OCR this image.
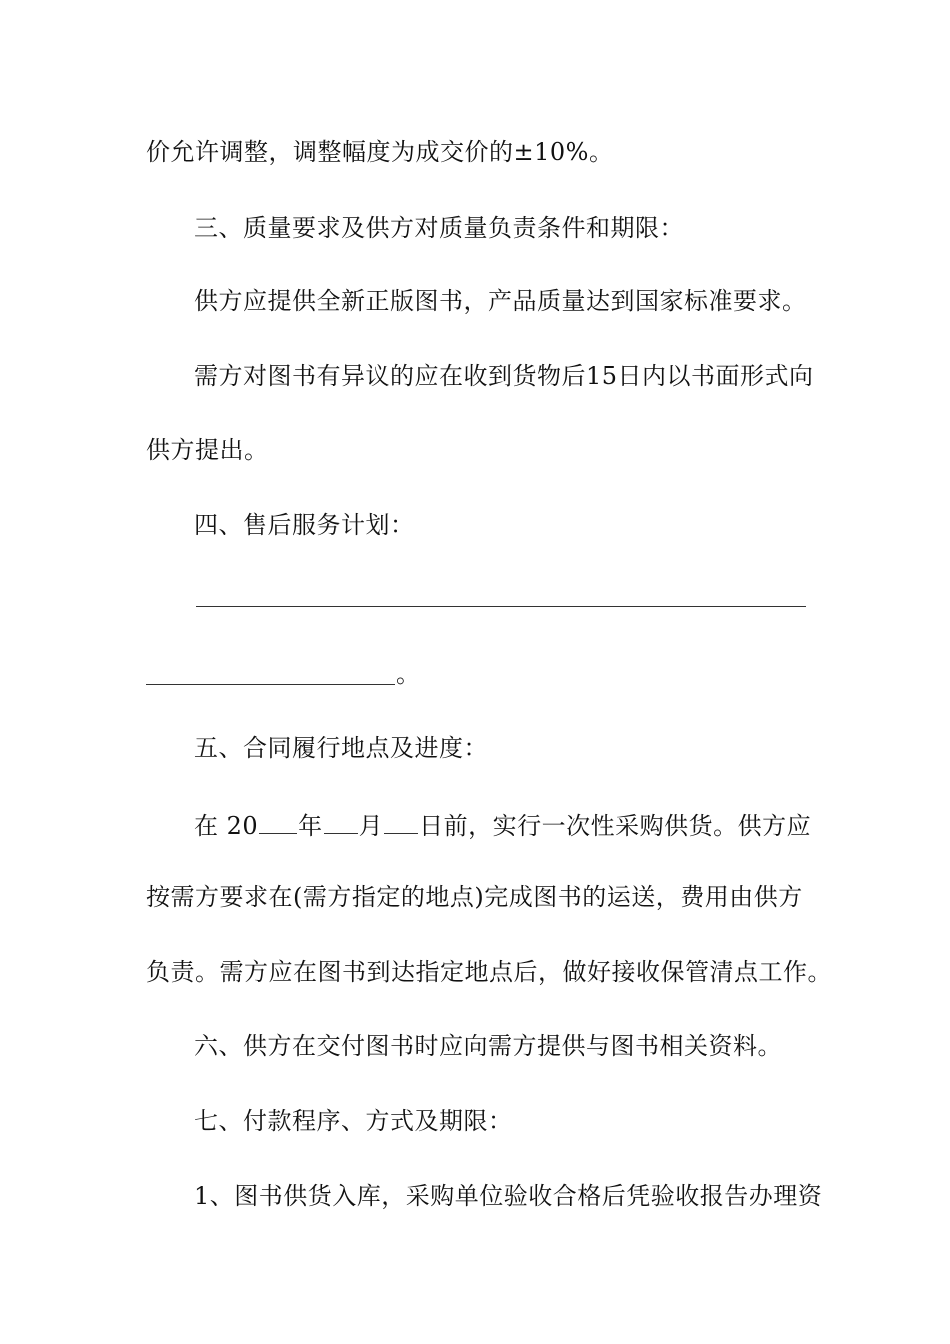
价允许调整，调整幅度为成交价的±10%。
三、质量要求及供方对质量负责条件和期限：
供方应提供全新正版图书，产品质量达到国家标准要求。
需方对图书有异议的应在收到货物后15日内以书面形式向
供方提出。
四、售后服务计划：
。
五、合同履行地点及进度：
在 20 年 月 日前，实行一次性采购供货。供方应
按需方要求在(需方指定的地点)完成图书的运送，费用由供方
负责。需方应在图书到达指定地点后，做好接收保管清点工作。
六、供方在交付图书时应向需方提供与图书相关资料。
七、付款程序、方式及期限：
1、图书供货入库，采购单位验收合格后凭验收报告办理资
